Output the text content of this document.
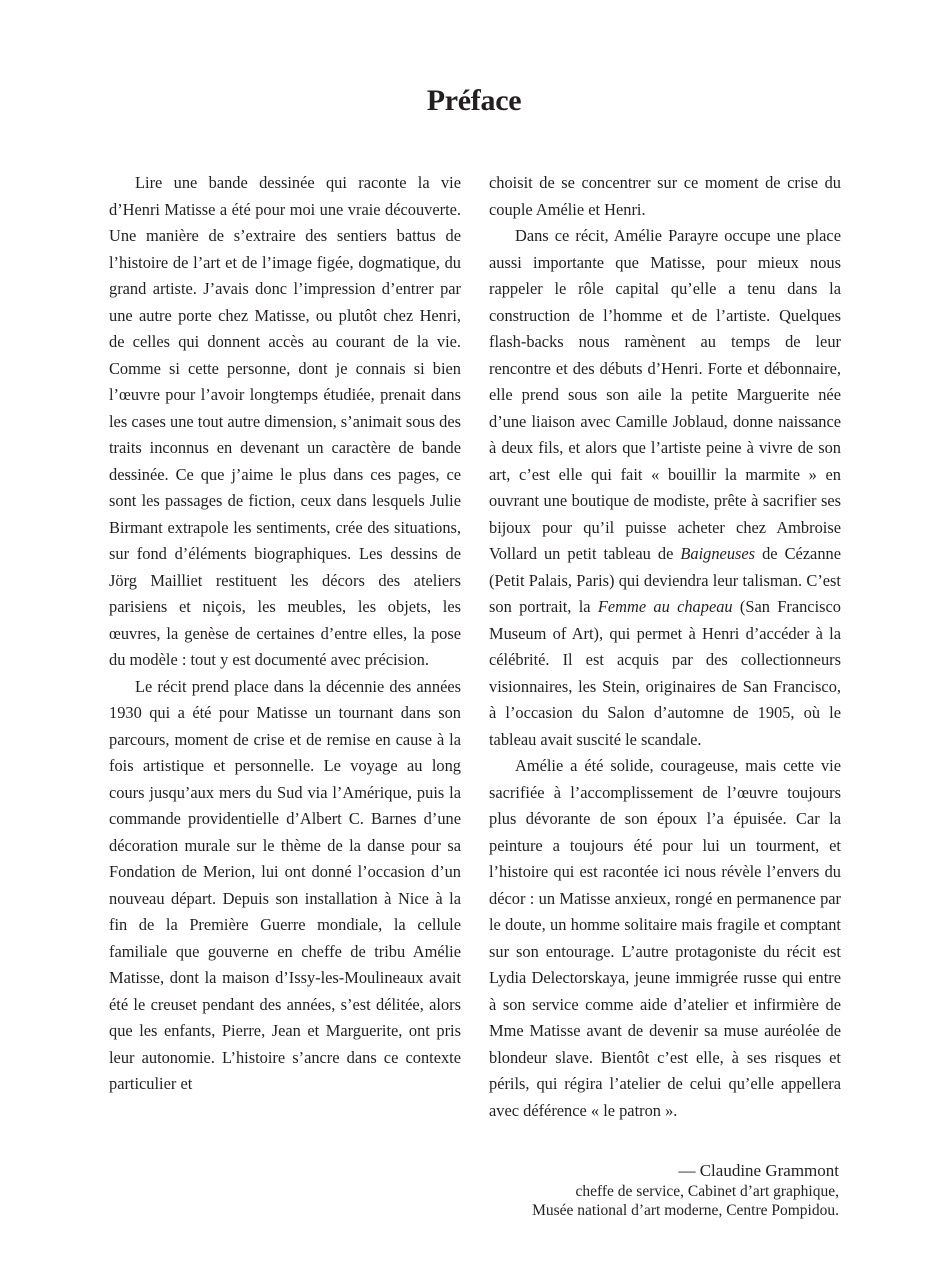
Préface

Lire une bande dessinée qui raconte la vie d’Henri Matisse a été pour moi une vraie découverte. Une manière de s’extraire des sentiers battus de l’histoire de l’art et de l’image figée, dogmatique, du grand artiste. J’avais donc l’impression d’entrer par une autre porte chez Matisse, ou plutôt chez Henri, de celles qui donnent accès au courant de la vie. Comme si cette personne, dont je connais si bien l’œuvre pour l’avoir longtemps étudiée, prenait dans les cases une tout autre dimension, s’animait sous des traits inconnus en devenant un caractère de bande dessinée. Ce que j’aime le plus dans ces pages, ce sont les passages de fiction, ceux dans lesquels Julie Birmant extrapole les sentiments, crée des situations, sur fond d’éléments biographiques. Les dessins de Jörg Mailliet restituent les décors des ateliers parisiens et niçois, les meubles, les objets, les œuvres, la genèse de certaines d’entre elles, la pose du modèle : tout y est documenté avec précision.

Le récit prend place dans la décennie des années 1930 qui a été pour Matisse un tournant dans son parcours, moment de crise et de remise en cause à la fois artistique et personnelle. Le voyage au long cours jusqu’aux mers du Sud via l’Amérique, puis la commande providentielle d’Albert C. Barnes d’une décoration murale sur le thème de la danse pour sa Fondation de Merion, lui ont donné l’occasion d’un nouveau départ. Depuis son installation à Nice à la fin de la Première Guerre mondiale, la cellule familiale que gouverne en cheffe de tribu Amélie Matisse, dont la maison d’Issy-les-Moulineaux avait été le creuset pendant des années, s’est délitée, alors que les enfants, Pierre, Jean et Marguerite, ont pris leur autonomie. L’histoire s’ancre dans ce contexte particulier et

choisit de se concentrer sur ce moment de crise du couple Amélie et Henri.

Dans ce récit, Amélie Parayre occupe une place aussi importante que Matisse, pour mieux nous rappeler le rôle capital qu’elle a tenu dans la construction de l’homme et de l’artiste. Quelques flash-backs nous ramènent au temps de leur rencontre et des débuts d’Henri. Forte et débonnaire, elle prend sous son aile la petite Marguerite née d’une liaison avec Camille Joblaud, donne naissance à deux fils, et alors que l’artiste peine à vivre de son art, c’est elle qui fait « bouillir la marmite » en ouvrant une boutique de modiste, prête à sacrifier ses bijoux pour qu’il puisse acheter chez Ambroise Vollard un petit tableau de Baigneuses de Cézanne (Petit Palais, Paris) qui deviendra leur talisman. C’est son portrait, la Femme au chapeau (San Francisco Museum of Art), qui permet à Henri d’accéder à la célébrité. Il est acquis par des collectionneurs visionnaires, les Stein, originaires de San Francisco, à l’occasion du Salon d’automne de 1905, où le tableau avait suscité le scandale.

Amélie a été solide, courageuse, mais cette vie sacrifiée à l’accomplissement de l’œuvre toujours plus dévorante de son époux l’a épuisée. Car la peinture a toujours été pour lui un tourment, et l’histoire qui est racontée ici nous révèle l’envers du décor : un Matisse anxieux, rongé en permanence par le doute, un homme solitaire mais fragile et comptant sur son entourage. L’autre protagoniste du récit est Lydia Delectorskaya, jeune immigrée russe qui entre à son service comme aide d’atelier et infirmière de Mme Matisse avant de devenir sa muse auréolée de blondeur slave. Bientôt c’est elle, à ses risques et périls, qui régira l’atelier de celui qu’elle appellera avec déférence « le patron ».

— Claudine Grammont
cheffe de service, Cabinet d’art graphique,
Musée national d’art moderne, Centre Pompidou.
